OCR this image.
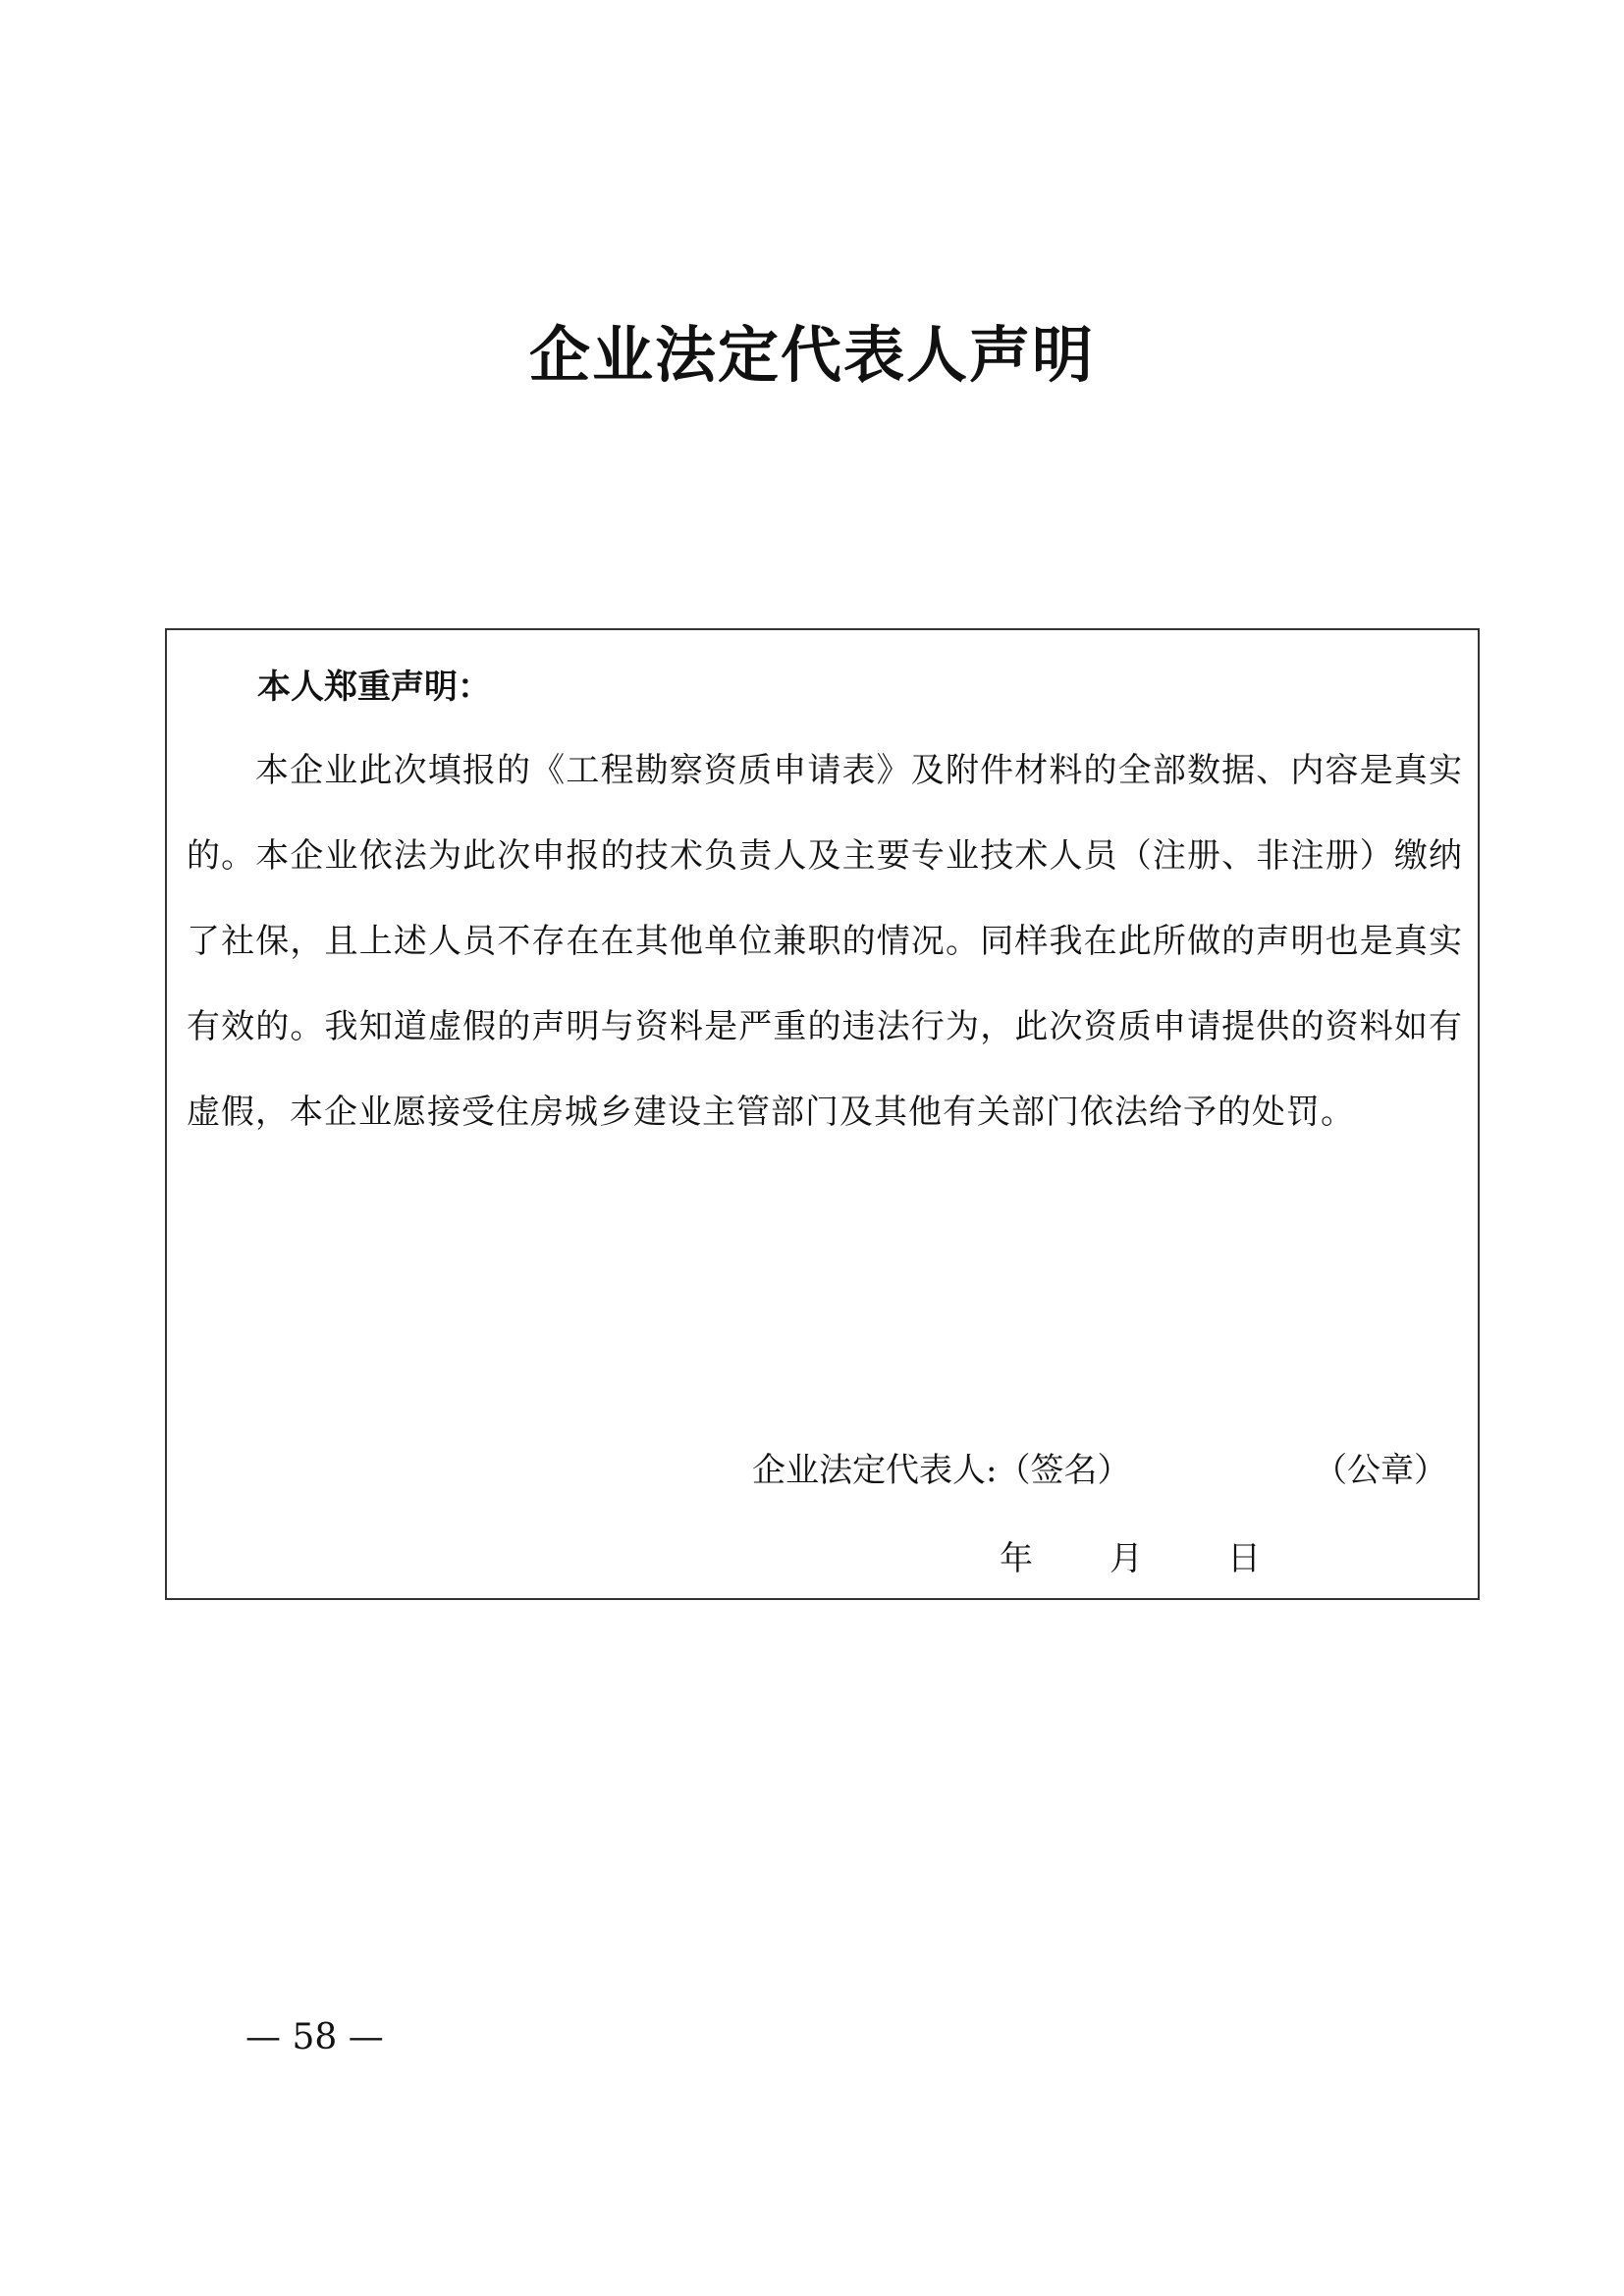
企业法定代表人声明

本人郑重声明：

本企业此次填报的《工程勘察资质申请表》及附件材料的全部数据、内容是真实的。本企业依法为此次申报的技术负责人及主要专业技术人员（注册、非注册）缴纳了社保，且上述人员不存在在其他单位兼职的情况。同样我在此所做的声明也是真实有效的。我知道虚假的声明与资料是严重的违法行为，此次资质申请提供的资料如有虚假，本企业愿接受住房城乡建设主管部门及其他有关部门依法给予的处罚。

企业法定代表人:（签名）	（公章）

年 月	日

— 58 —
